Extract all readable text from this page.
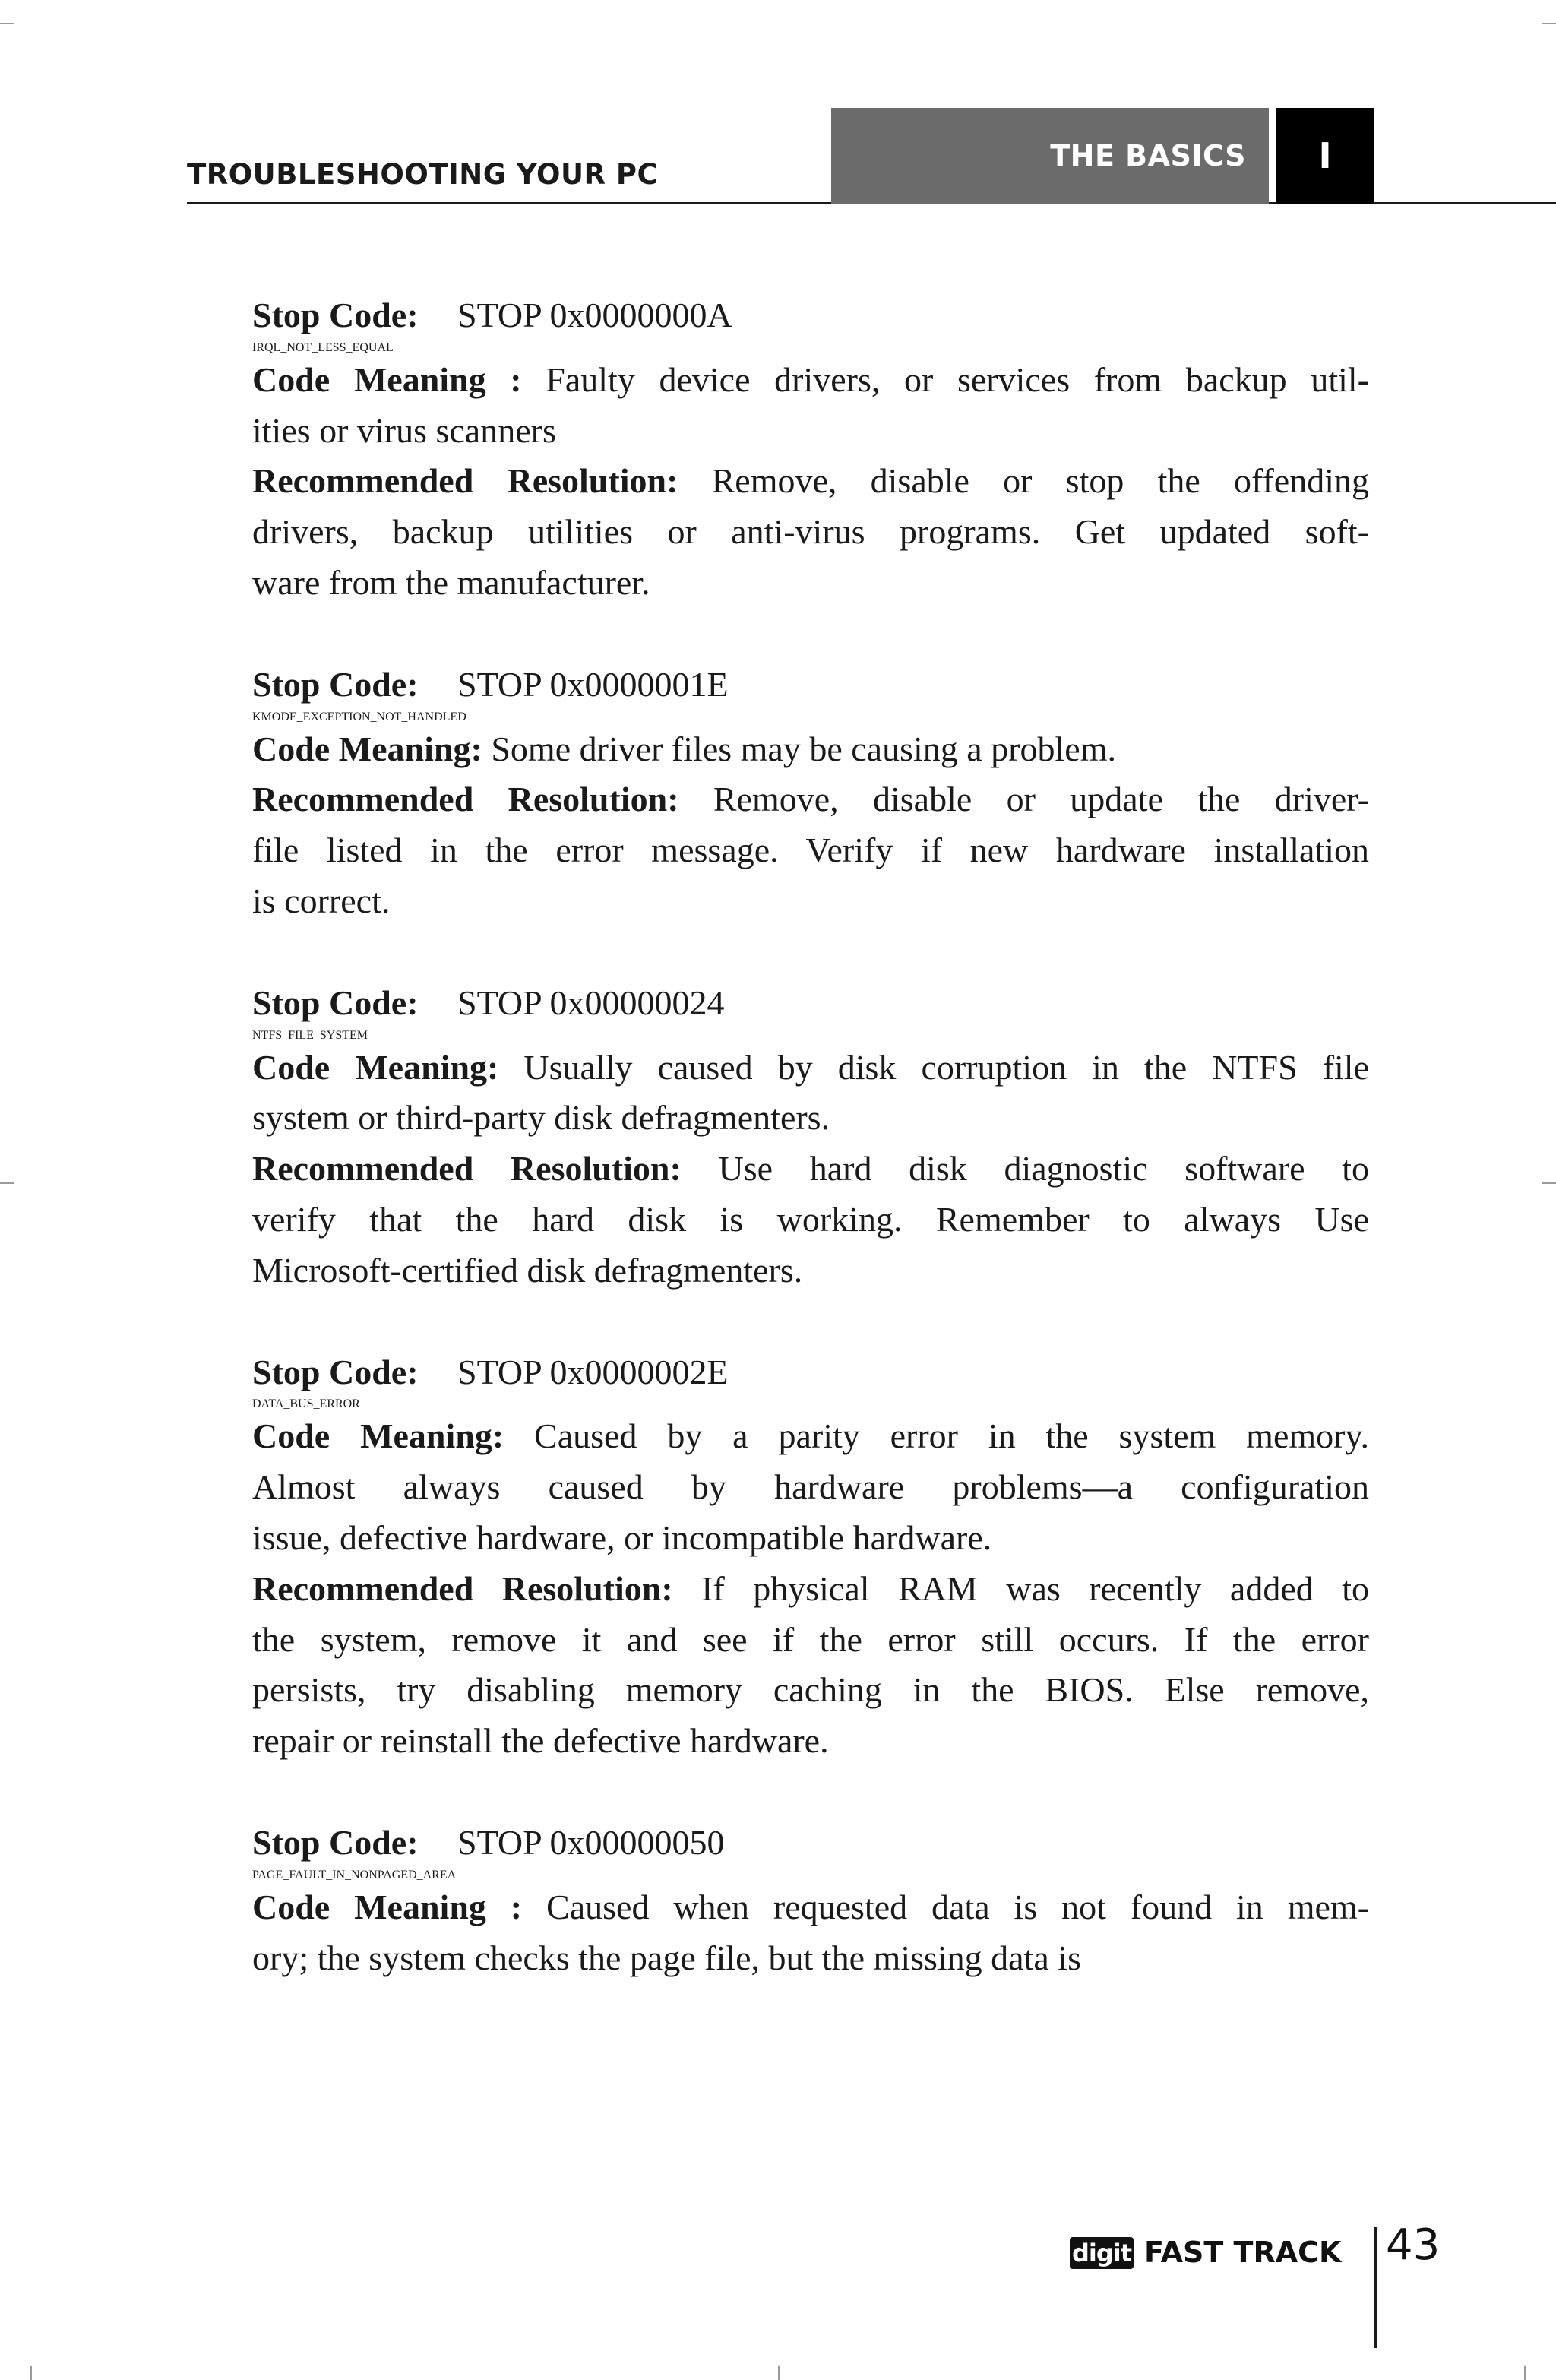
TROUBLESHOOTING YOUR PC
THE BASICS I
Stop Code:	STOP 0x0000000A
IRQL_NOT_LESS_EQUAL
Code Meaning : Faulty device drivers, or services from backup util-
ities or virus scanners
Recommended Resolution: Remove, disable or stop the offending
drivers, backup utilities or anti-virus programs. Get updated soft-
ware from the manufacturer.
Stop Code:	STOP 0x0000001E
KMODE_EXCEPTION_NOT_HANDLED
Code Meaning: Some driver files may be causing a problem.
Recommended Resolution: Remove, disable or update the driver-
file listed in the error message. Verify if new hardware installation
is correct.
Stop Code:	STOP 0x00000024
NTFS_FILE_SYSTEM
Code Meaning: Usually caused by disk corruption in the NTFS file
system or third-party disk defragmenters.
Recommended Resolution: Use hard disk diagnostic software to
verify that the hard disk is working. Remember to always Use
Microsoft-certified disk defragmenters.
Stop Code:	STOP 0x0000002E
DATA_BUS_ERROR
Code Meaning: Caused by a parity error in the system memory.
Almost always caused by hardware problems—a configuration
issue, defective hardware, or incompatible hardware.
Recommended Resolution: If physical RAM was recently added to
the system, remove it and see if the error still occurs. If the error
persists, try disabling memory caching in the BIOS. Else remove,
repair or reinstall the defective hardware.
Stop Code:	STOP 0x00000050
PAGE_FAULT_IN_NONPAGED_AREA
Code Meaning : Caused when requested data is not found in mem-
ory; the system checks the page file, but the missing data is
digit FAST TRACK 43
